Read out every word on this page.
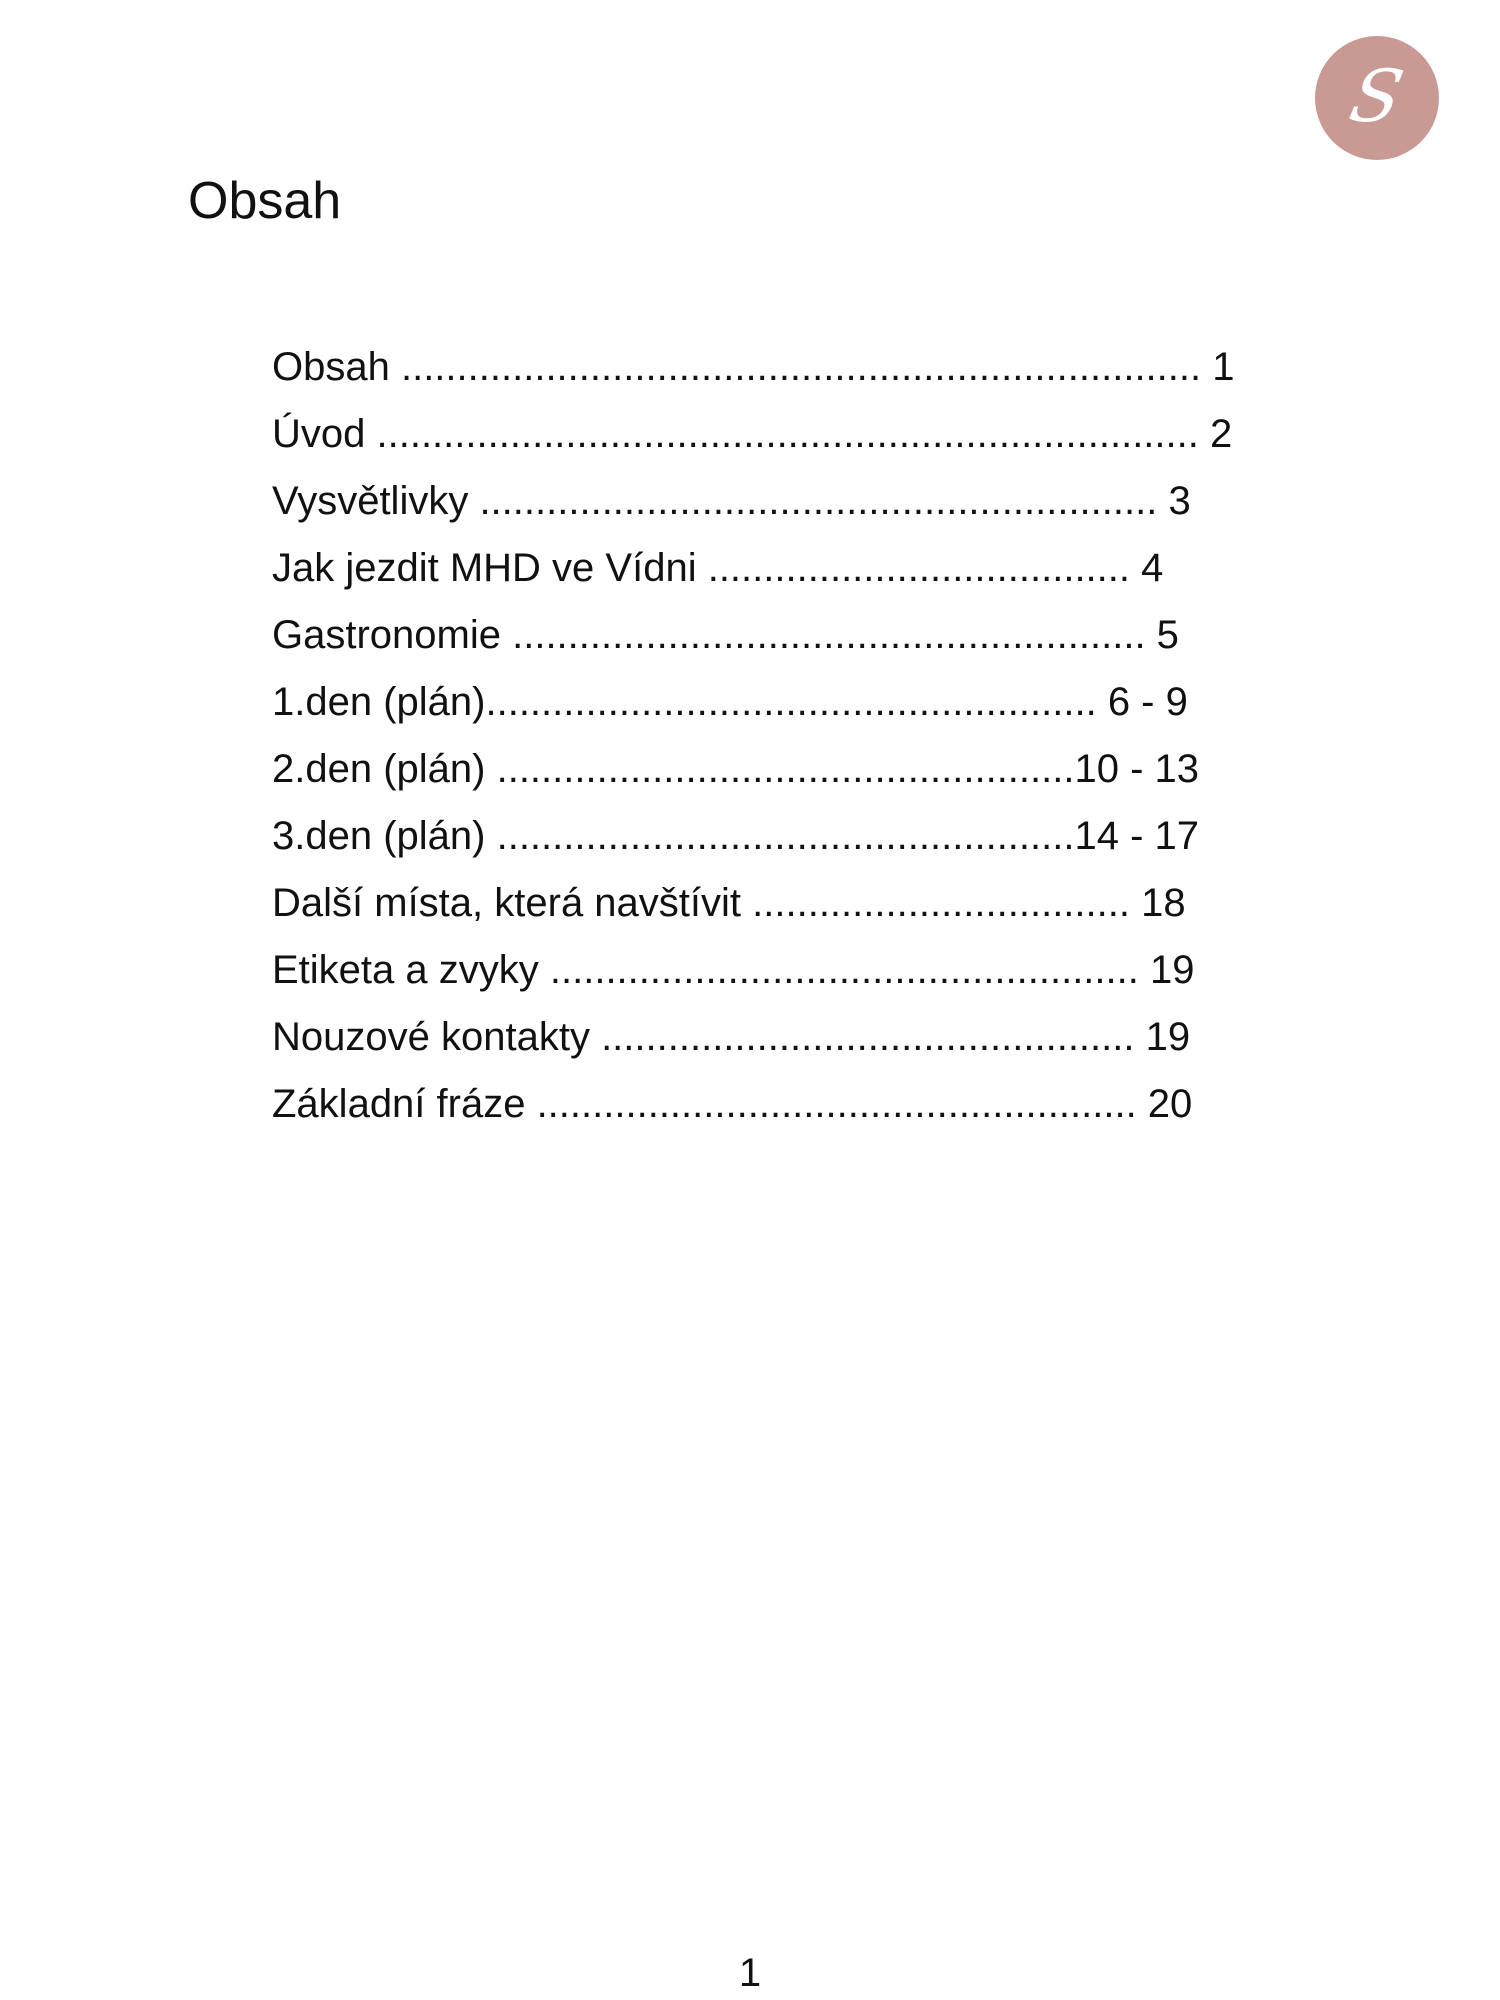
S
Obsah
Obsah ........................................................................ 1
Úvod .......................................................................... 2
Vysvětlivky ............................................................. 3
Jak jezdit MHD ve Vídni ...................................... 4
Gastronomie ......................................................... 5
1.den (plán)....................................................... 6 - 9
2.den (plán) ....................................................10 - 13
3.den (plán) ....................................................14 - 17
Další místa, která navštívit .................................. 18
Etiketa a zvyky ..................................................... 19
Nouzové kontakty ................................................ 19
Základní fráze ...................................................... 20
1
